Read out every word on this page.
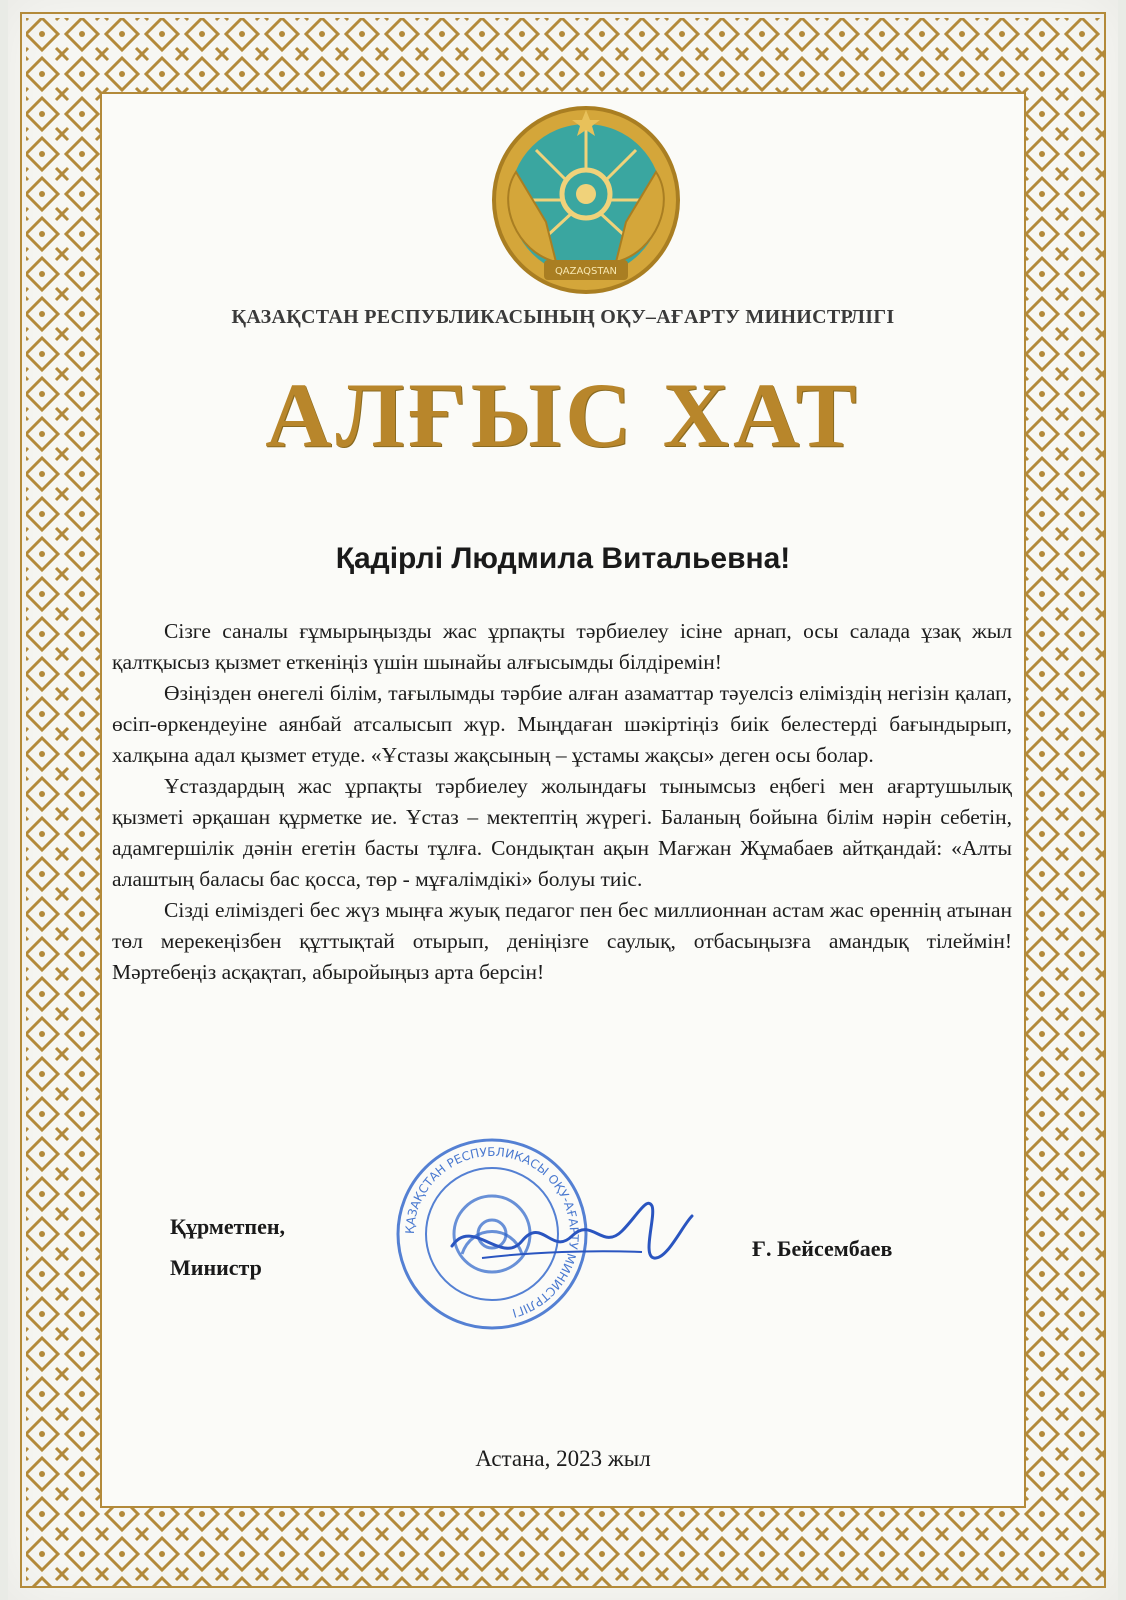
QAZAQSTAN
ҚАЗАҚСТАН РЕСПУБЛИКАСЫНЫҢ ОҚУ–АҒАРТУ МИНИСТРЛІГІ
АЛҒЫС ХАТ
Қадірлі Людмила Витальевна!

Сізге саналы ғұмырыңызды жас ұрпақты тәрбиелеу ісіне арнап, осы салада ұзақ жыл қалтқысыз қызмет еткеніңіз үшін шынайы алғысымды білдіремін!

Өзіңізден өнегелі білім, тағылымды тәрбие алған азаматтар тәуелсіз еліміздің негізін қалап, өсіп-өркендеуіне аянбай атсалысып жүр. Мыңдаған шәкіртіңіз биік белестерді бағындырып, халқына адал қызмет етуде. «Ұстазы жақсының – ұстамы жақсы» деген осы болар.

Ұстаздардың жас ұрпақты тәрбиелеу жолындағы тынымсыз еңбегі мен ағартушылық қызметі әрқашан құрметке ие. Ұстаз – мектептің жүрегі. Баланың бойына білім нәрін себетін, адамгершілік дәнін егетін басты тұлға. Сондықтан ақын Мағжан Жұмабаев айтқандай: «Алты алаштың баласы бас қосса, төр - мұғалімдікі» болуы тиіс.

Сізді еліміздегі бес жүз мыңға жуық педагог пен бес миллионнан астам жас өреннің атынан төл мерекеңізбен құттықтай отырып, деніңізге саулық, отбасыңызға амандық тілеймін! Мәртебеңіз асқақтап, абыройыңыз арта берсін!

Құрметпен,
Министр
ҚАЗАҚСТАН РЕСПУБЛИКАСЫ ОҚУ-АҒАРТУ МИНИСТРЛІГІ
Ғ. Бейсембаев
Астана, 2023 жыл
